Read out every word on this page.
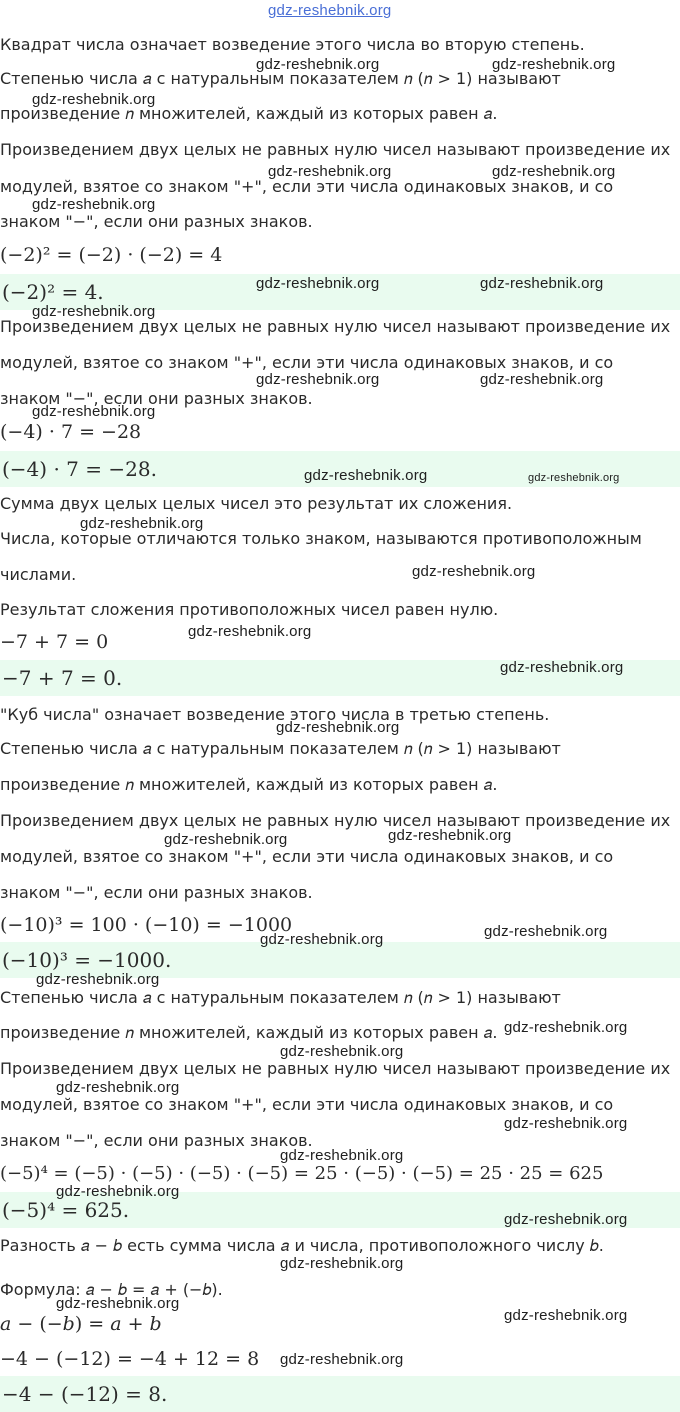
(−2)² = 4.
(−4) · 7 = −28.
−7 + 7 = 0.
(−10)³ = −1000.
(−5)⁴ = 625.
−4 − (−12) = 8.
Квадрат числа означает возведение этого числа во вторую степень.
Степенью числа 𝑎 с натуральным показателем 𝑛 (𝑛 > 1) называют
произведение 𝑛 множителей, каждый из которых равен 𝑎.
Произведением двух целых не равных нулю чисел называют произведение их
модулей, взятое со знаком "+", если эти числа одинаковых знаков, и со
знаком "−", если они разных знаков.
(−2)² = (−2) · (−2) = 4
Произведением двух целых не равных нулю чисел называют произведение их
модулей, взятое со знаком "+", если эти числа одинаковых знаков, и со
знаком "−", если они разных знаков.
(−4) · 7 = −28
Сумма двух целых целых чисел это результат их сложения.
Числа, которые отличаются только знаком, называются противоположным
числами.
Результат сложения противоположных чисел равен нулю.
−7 + 7 = 0
"Куб числа" означает возведение этого числа в третью степень.
Степенью числа 𝑎 с натуральным показателем 𝑛 (𝑛 > 1) называют
произведение 𝑛 множителей, каждый из которых равен 𝑎.
Произведением двух целых не равных нулю чисел называют произведение их
модулей, взятое со знаком "+", если эти числа одинаковых знаков, и со
знаком "−", если они разных знаков.
(−10)³ = 100 · (−10) = −1000
Степенью числа 𝑎 с натуральным показателем 𝑛 (𝑛 > 1) называют
произведение 𝑛 множителей, каждый из которых равен 𝑎.
Произведением двух целых не равных нулю чисел называют произведение их
модулей, взятое со знаком "+", если эти числа одинаковых знаков, и со
знаком "−", если они разных знаков.
(−5)⁴ = (−5) · (−5) · (−5) · (−5) = 25 · (−5) · (−5) = 25 · 25 = 625
Разность 𝑎 − 𝑏 есть сумма числа 𝑎 и числа, противоположного числу 𝑏.
Формула: 𝑎 − 𝑏 = 𝑎 + (−𝑏).
𝑎 − (−𝑏) = 𝑎 + 𝑏
−4 − (−12) = −4 + 12 = 8
gdz-reshebnik.org
gdz-reshebnik.org	gdz-reshebnik.org
gdz-reshebnik.org
gdz-reshebnik.org	gdz-reshebnik.org
gdz-reshebnik.org
gdz-reshebnik.org	gdz-reshebnik.org
gdz-reshebnik.org
gdz-reshebnik.org	gdz-reshebnik.org
gdz-reshebnik.org
gdz-reshebnik.org	gdz-reshebnik.org
gdz-reshebnik.org
gdz-reshebnik.org
gdz-reshebnik.org
gdz-reshebnik.org
gdz-reshebnik.org
gdz-reshebnik.org	gdz-reshebnik.org
gdz-reshebnik.org	gdz-reshebnik.org
gdz-reshebnik.org
gdz-reshebnik.org
gdz-reshebnik.org
gdz-reshebnik.org
gdz-reshebnik.org
gdz-reshebnik.org
gdz-reshebnik.org
gdz-reshebnik.org
gdz-reshebnik.org
gdz-reshebnik.org
gdz-reshebnik.org
gdz-reshebnik.org
